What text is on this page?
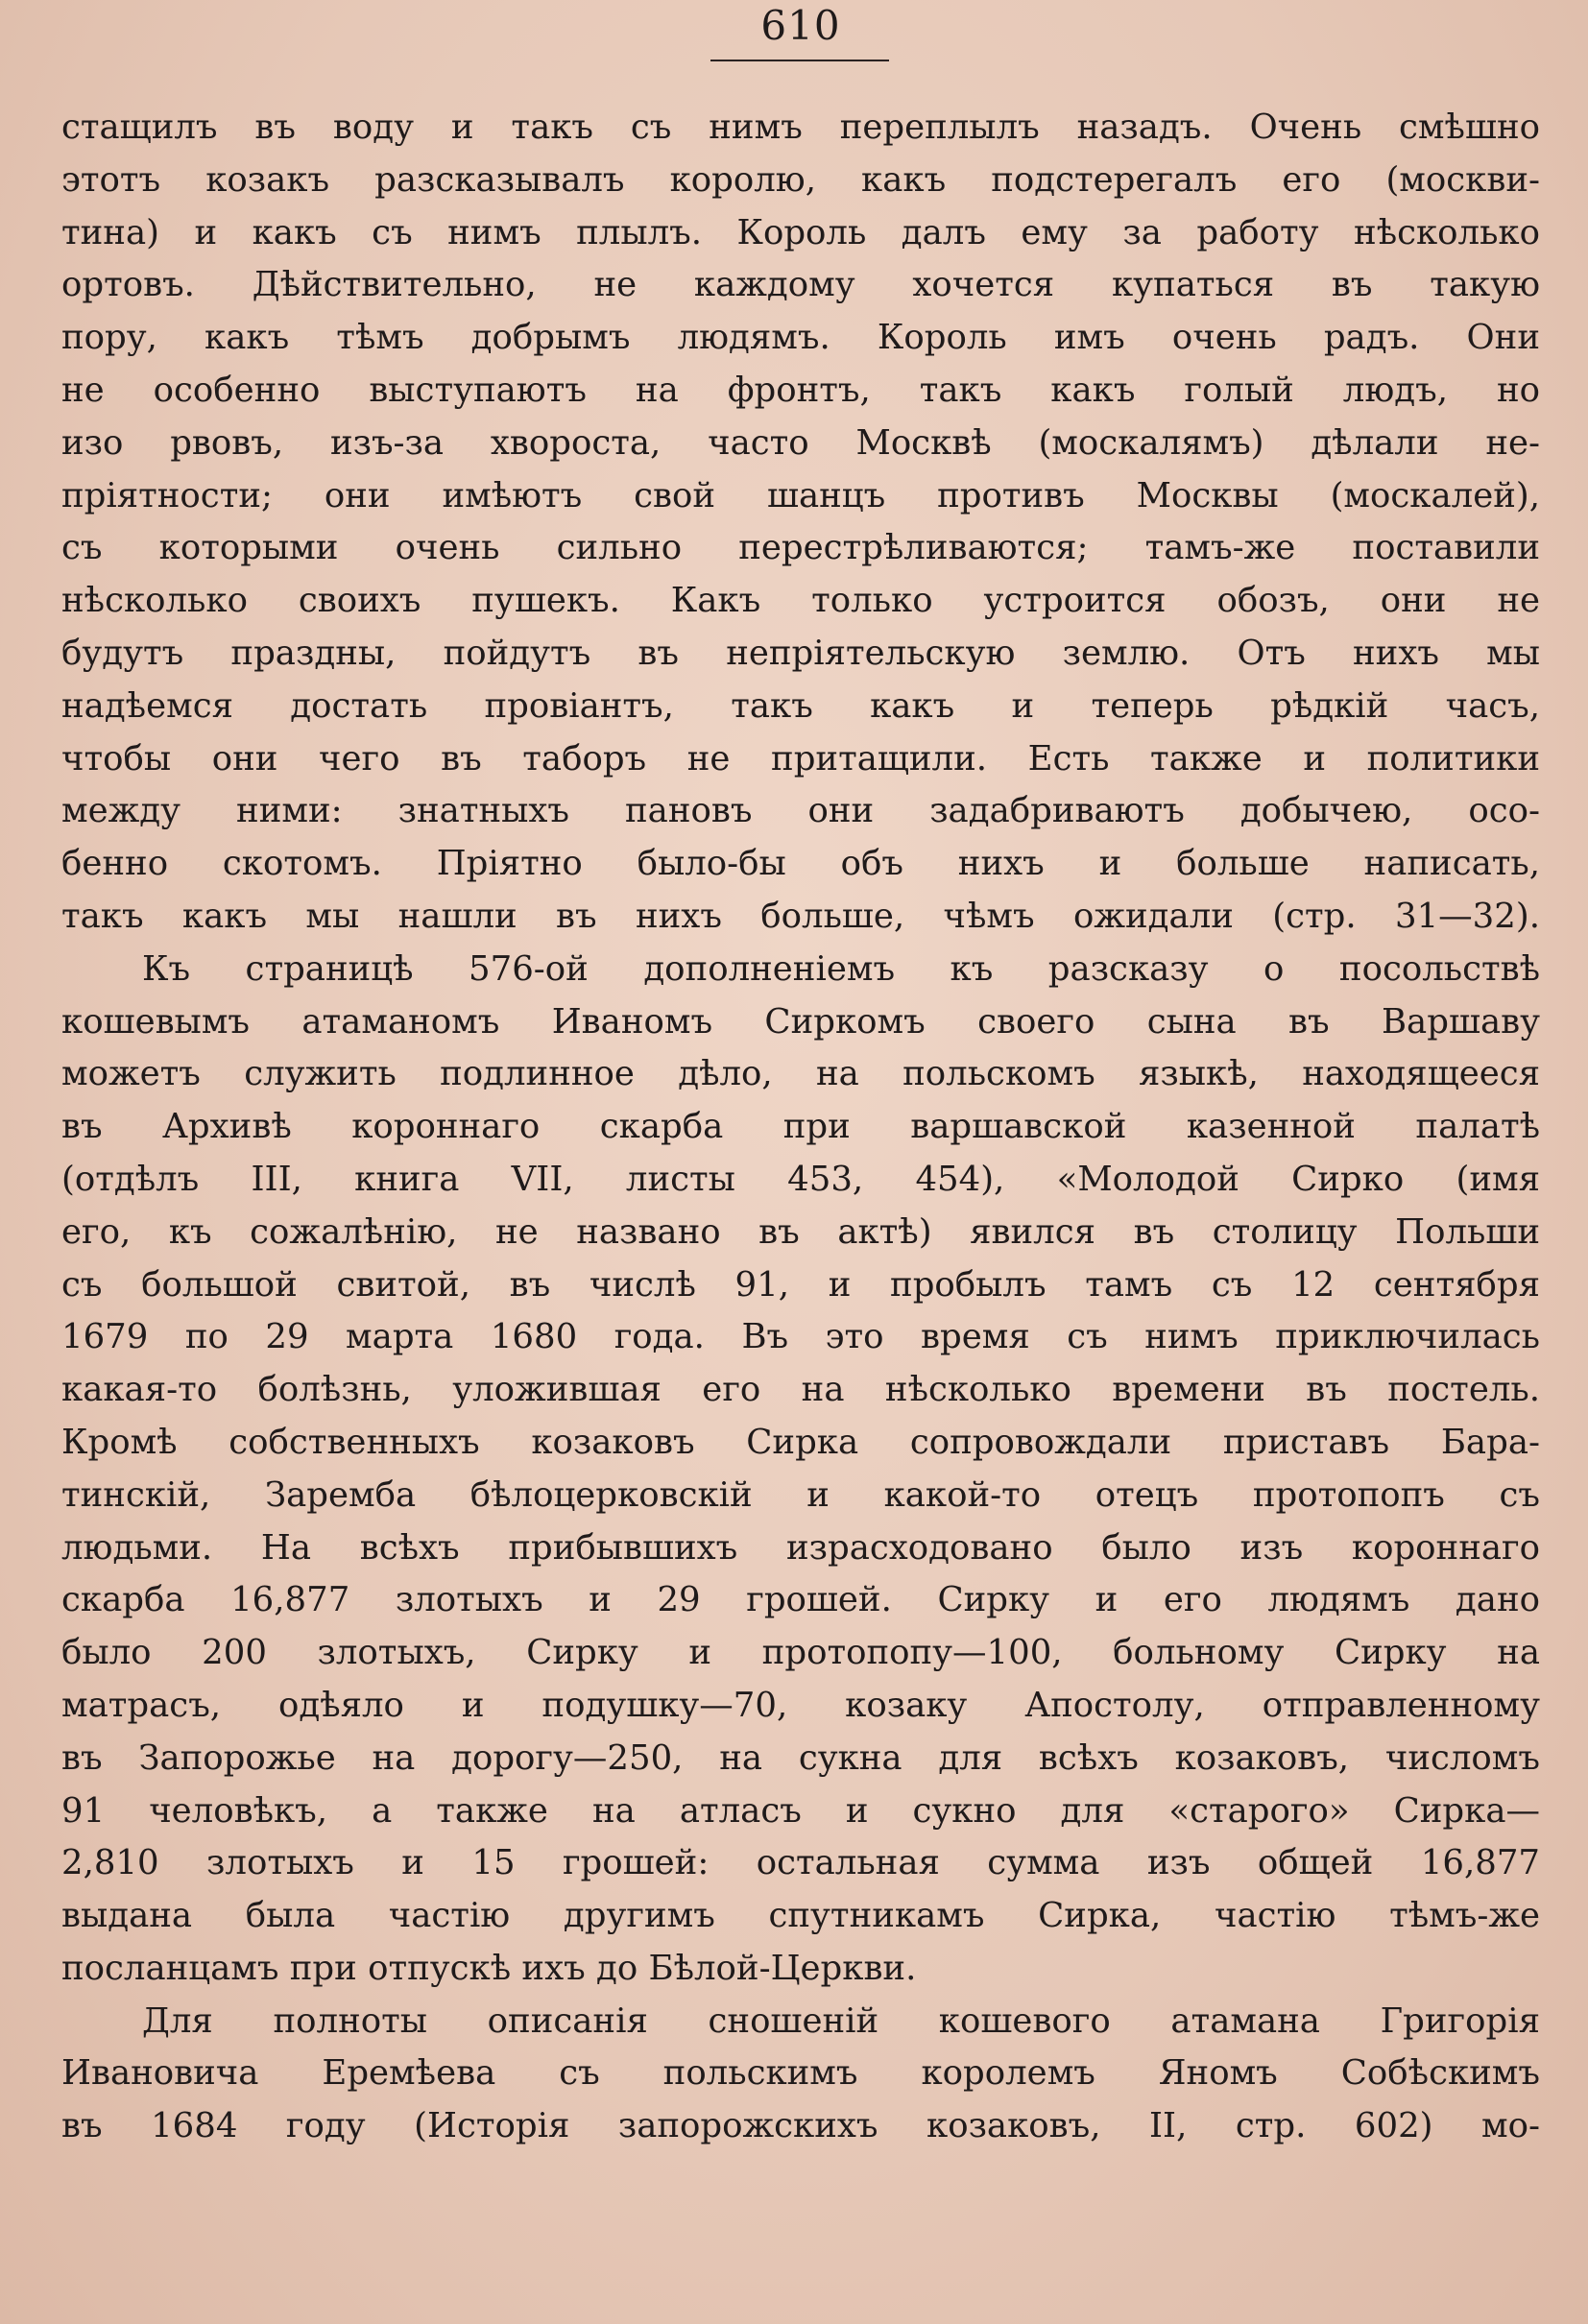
610
стащилъ въ воду и такъ съ нимъ переплылъ назадъ. Очень смѣшно
этотъ козакъ разсказывалъ королю, какъ подстерегалъ его (москви-
тина) и какъ съ нимъ плылъ. Король далъ ему за работу нѣсколько
ортовъ. Дѣйствительно, не каждому хочется купаться въ такую
пору, какъ тѣмъ добрымъ людямъ. Король имъ очень радъ. Они
не особенно выступаютъ на фронтъ, такъ какъ голый людъ, но
изо рвовъ, изъ-за хвороста, часто Москвѣ (москалямъ) дѣлали не-
пріятности; они имѣютъ свой шанцъ противъ Москвы (москалей),
съ которыми очень сильно перестрѣливаются; тамъ-же поставили
нѣсколько своихъ пушекъ. Какъ только устроится обозъ, они не
будутъ праздны, пойдутъ въ непріятельскую землю. Отъ нихъ мы
надѣемся достать провіантъ, такъ какъ и теперь рѣдкій часъ,
чтобы они чего въ таборъ не притащили. Есть также и политики
между ними: знатныхъ пановъ они задабриваютъ добычею, осо-
бенно скотомъ. Пріятно было-бы объ нихъ и больше написать,
такъ какъ мы нашли въ нихъ больше, чѣмъ ожидали (стр. 31—32).
Къ страницѣ 576-ой дополненіемъ къ разсказу о посольствѣ
кошевымъ атаманомъ Иваномъ Сиркомъ своего сына въ Варшаву
можетъ служить подлинное дѣло, на польскомъ языкѣ, находящееся
въ Архивѣ короннаго скарба при варшавской казенной палатѣ
(отдѣлъ III, книга VII, листы 453, 454), «Молодой Сирко (имя
его, къ сожалѣнію, не названо въ актѣ) явился въ столицу Польши
съ большой свитой, въ числѣ 91, и пробылъ тамъ съ 12 сентября
1679 по 29 марта 1680 года. Въ это время съ нимъ приключилась
какая-то болѣзнь, уложившая его на нѣсколько времени въ постель.
Кромѣ собственныхъ козаковъ Сирка сопровождали приставъ Бара-
тинскій, Заремба бѣлоцерковскій и какой-то отецъ протопопъ съ
людьми. На всѣхъ прибывшихъ израсходовано было изъ короннаго
скарба 16,877 злотыхъ и 29 грошей. Сирку и его людямъ дано
было 200 злотыхъ, Сирку и протопопу—100, больному Сирку на
матрасъ, одѣяло и подушку—70, козаку Апостолу, отправленному
въ Запорожье на дорогу—250, на сукна для всѣхъ козаковъ, числомъ
91 человѣкъ, а также на атласъ и сукно для «старого» Сирка—
2,810 злотыхъ и 15 грошей: остальная сумма изъ общей 16,877
выдана была частію другимъ спутникамъ Сирка, частію тѣмъ-же
посланцамъ при отпускѣ ихъ до Бѣлой-Церкви.
Для полноты описанія сношеній кошевого атамана Григорія
Ивановича Еремѣева съ польскимъ королемъ Яномъ Собѣскимъ
въ 1684 году (Исторія запорожскихъ козаковъ, II, стр. 602) мо-
